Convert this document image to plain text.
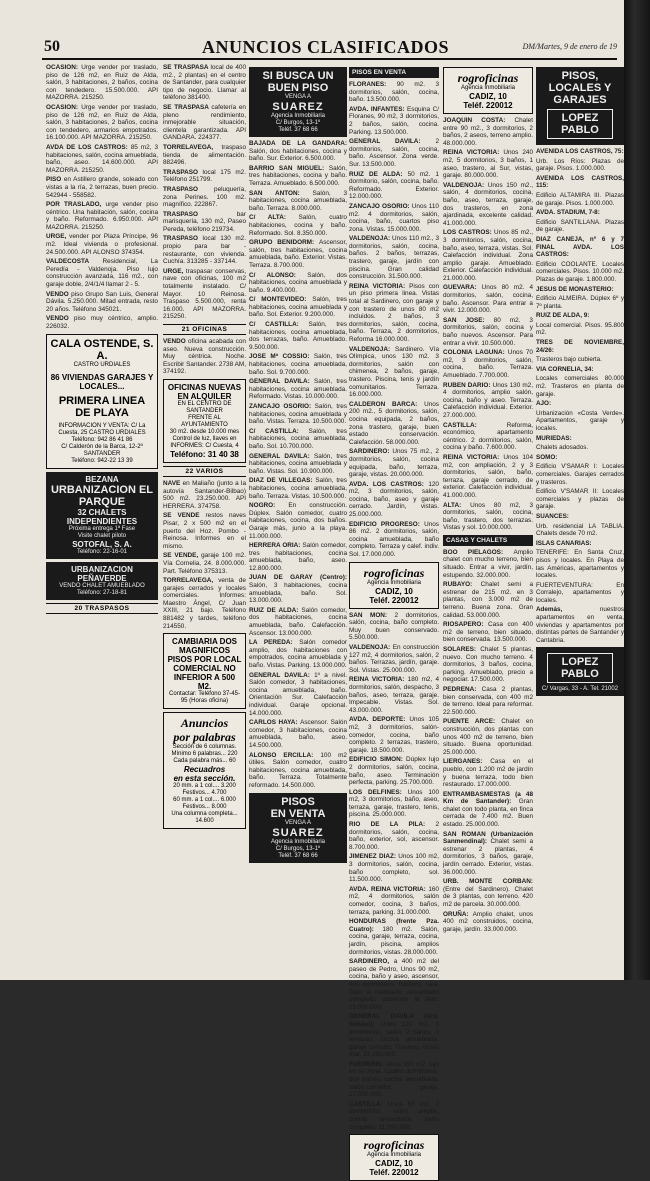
50	ANUNCIOS CLASIFICADOS	DM/Martes, 9 de enero de 19

OCASION: Urge vender por traslado, piso de 126 m2, en Ruiz de Alda, salón, 3 habitaciones, 2 baños, cocina con tendedero. 15.500.000. API MAZORRA. 215250.

OCASION: Urge vender por traslado, piso de 126 m2, en Ruiz de Alda, salón, 3 habitaciones, 2 baños, cocina con tendedero, armarios empotrados. 16.100.000. API MAZORRA. 215250.

AVDA DE LOS CASTROS: 85 m2, 3 habitaciones, salón, cocina amueblada, baño, aseo. 14.600.000. API MAZORRA. 215250.

PISO en Astillero grande, soleado con vistas a la ría, 2 terrazas, buen precio. 542944 - 558582.

POR TRASLADO, urge vender piso céntrico. Una habitación, salón, cocina y baño. Reformado. 6.950.000. API MAZORRA. 215250.

URGE, vender por Plaza Príncipe, 96 m2. Ideal vivienda o profesional. 24.500.000. API ALONSO 374354.

VALDECOSTA Residencial, La Peredía - Valdenoja. Piso lujo construcción avanzada, 116 m2., con garaje doble, 2/4/1/4 llamar 2 - 5.

VENDO piso Grupo San Luis, General Dávila. 5.250.000. Mitad entrada, resto 20 años. Teléfono 345021.

VENDO piso muy céntrico, amplio. 226032.

CALA OSTENDE, S. A.
CASTRO URDIALES
86 VIVIENDAS GARAJES Y LOCALES...
PRIMERA LINEA DE PLAYA
INFORMACION Y VENTA: C/ La Cuesta, 25 CASTRO URDIALES
Teléfono: 942 86 41 86
C/ Calderón de la Barca, 12-2º SANTANDER
Teléfono: 942-22 13 39
BEZANA
URBANIZACION EL PARQUE
32 CHALETS INDEPENDIENTES
Próxima entrega 1ª Fase
Visite chalet piloto
SOTOFAL, S. A.
Teléfono: 22-16-01
URBANIZACION PEÑAVERDE
VENDO CHALET AMUEBLADO
Teléfono: 27-18-81
20 TRASPASOS

SE TRASPASA local de 400 m2., 2 plantas) en el centro de Santander, para cualquier tipo de negocio. Llamar al teléfono 381400.

SE TRASPASA cafetería en pleno rendimiento, inmejorable situación, clientela garantizada. API GANDARA. 224377.

TORRELAVEGA, traspaso tienda de alimentación. 882496.

TRASPASO local 175 m2. Teléfono 251799.

TRASPASO peluquería, zona Perines. 100 m2. magnífico. 222867.

TRASPASO bar marisquería, 130 m2, Paseo Pereda, teléfono 219734.

TRASPASO local 130 m2. propio para bar - restaurante, con vivienda. Cuchía. 313285 - 337144.

URGE, traspasar conservas, nave con oficinas, 100 m2 totalmente instalado. C/ Mayor. 10 Reinosa. Traspaso 5.500.000, renta 16.000. API MAZORRA. 215250.

21 OFICINAS

VENDO oficina acabada con aseo. Nueva construcción. Muy céntrica. Noche. Escribir Santander. 2738 AM, 374192.

OFICINAS NUEVAS EN ALQUILER
EN EL CENTRO DE SANTANDER
FRENTE AL AYUNTAMIENTO
30 m2. desde 10.000 mes
Control de luz, llaves en
INFORMES: C/ Cuesta, 4
Teléfono: 31 40 38
22 VARIOS

NAVE en Maliaño (junto a la autovía Santander-Bilbao) 500 m2. 23.250.000. API HERRERA. 374758.

SE VENDE restos naves Pisar, 2 x 500 m2 en el puerto del Hoz. Pombo - Reinosa. Informes en el mismo.

SE VENDE, garaje 100 m2. Vía Cornelia, 24. 8.000.000. Part. Teléfono 375313.

TORRELAVEGA, venta de garajes cerrados y locales comerciales. Informes: Maestro Ángel, C/ Juan XXIII, 21 bajo. Teléfono 881482 y tardes, teléfono 214550.

CAMBIARIA DOS MAGNIFICOS PISOS POR LOCAL COMERCIAL NO INFERIOR A 500 M2.
Contactar: Teléfono 37-45-95 (Horas oficina)
Anuncios
por palabras
Sección de 6 columnas.
Mínimo 6 palabras... 220
Cada palabra más... 60
Recuadros
en esta sección.
20 mm. a 1 col.... 3.200
Festivos... 4.700
60 mm. a 1 col.... 6.000
Festivos... 8.000
Una columna completa... 14.600
SI BUSCA UN
BUEN PISO
VENGA A
SUAREZ
Agencia Inmobiliaria
C/ Burgos, 13-1º
Teléf. 37 68 66

BAJADA DE LA GANDARA: Salón, dos habitaciones, cocina y baño. Sur. Exterior. 6.500.000.

BARRIO SAN MIGUEL: Salón, tres habitaciones, cocina y baño. Terraza. Amueblado. 6.500.000.

SAN ANTON: Salón, 3 habitaciones, cocina amueblada, baño. Terraza. 8.000.000.

C/ ALTA: Salón, cuatro habitaciones, cocina y baño. Reformado. Sol. 8.350.000.

GRUPO BENIDORM: Ascensor, salón, tres habitaciones, cocina amueblada, baño. Exterior. Vistas. Terraza. 8.700.000.

C/ ALONSO: Salón, dos habitaciones, cocina amueblada y baño. 9.400.000.

C/ MONTEVIDEO: Salón, tres habitaciones, cocina amueblada y baño. Sol. Exterior. 9.200.000.

C/ CASTILLA: Salón, tres habitaciones, cocina amueblada, dos terrazas, baño. Amueblado. 9.500.000.

JOSE Mª COSSIO: Salón, tres habitaciones, cocina amueblada, baño. Sol. 9.700.000.

GENERAL DAVILA: Salón, tres habitaciones, cocina amueblada. Reformado. Vistas. 10.000.000.

ZANCAJO OSORIO: Salón, tres habitaciones, cocina amueblada y baño. Vistas. Terraza. 10.500.000.

C/ CASTILLA: Salón, tres habitaciones, cocina amueblada, baño. Sol. 10.700.000.

GENERAL DAVILA: Salón, tres habitaciones, cocina amueblada y baño. Vistas. Sol. 10.900.000.

DIAZ DE VILLEGAS: Salón, tres habitaciones, cocina amueblada, baño. Terraza. Vistas. 10.500.000.

NOGRO: En construcción. Dúplex. Salón comedor, cuatro habitaciones, cocina, dos baños. Garaje más, junio a la playa. 11.000.000.

HERRERA ORIA: Salón comedor, tres habitaciones, cocina amueblada, baño, aseo. 12.800.000.

JUAN DE GARAY (Centro): Salón, 3 habitaciones, cocina amueblada, baño. Sol. 13.000.000.

RUIZ DE ALDA: Salón comedor, dos habitaciones, cocina amueblada, baño. Calefacción. Ascensor. 13.000.000.

LA PEREDA: Salón comedor amplio, dos habitaciones con empotrados, cocina amueblada y baño. Vistas. Parking. 13.000.000.

GENERAL DAVILA: 1º a nivel. Salón comedor, 3 habitaciones, cocina amueblada, baño. Orientación Sur. Calefacción individual. Garaje opcional. 14.000.000.

CARLOS HAYA: Ascensor. Salón comedor, 3 habitaciones, cocina amueblada, baño, aseo. 14.500.000.

ALONSO ERCILLA: 100 m2 útiles. Salón comedor, cuatro habitaciones, cocina amueblada, baño. Terraza. Totalmente reformado. 14.500.000.

PISOS
EN VENTA
VENGA A
SUAREZ
Agencia Inmobiliaria
C/ Burgos, 13-1º
Teléf. 37 68 66
PISOS EN VENTA

FLORANES: 90 m2. 3 dormitorios, salón, cocina, baño. 13.500.000.

AVDA. INFANTES: Esquina C/ Floranes, 90 m2, 3 dormitorios, 2 baños, salón, cocina. Parking. 13.500.000.

GENERAL DAVILA: 2 dormitorios, salón, cocina, baño. Ascensor. Zona verde. Sur. 13.500.000.

RUIZ DE ALDA: 50 m2. 1 dormitorio, salón, cocina, baño. Reformado. Exterior. 12.000.000.

ZANCAJO OSORIO: Unos 110 m2. 4 dormitorios, salón, cocina, baño, cuartos piso zona. Vistas. 15.000.000.

VALDENOJA: Unos 110 m2., 3 dormitorios, salón, cocina, baños. 2 baños, terrazas, trastero, garaje, jardín con piscina. Gran calidad construcción. 31.500.000.

REINA VICTORIA: Pisos con un piso primera linea. Vistas total al Sardinero, con garaje y con trastero de unos 80 m2 incluidos. 2 baños, 3 dormitorios, salón, cocina, baño. Terraza, 2 dormitorios, Reforma 16.000.000.

VALDENOJA: Sardinero. Vía Olímpica, unos 130 m2. 3 dormitorios, salón con chimenea, 2 baños, garaje, trastero. Piscina, tenis y jardín comunitarios. Terraza. 16.000.000.

CALDERON BARCA: Unos 200 m2., 5 dormitorios, salón, cocina equipada, 2 baños, zona trastero, garaje, buen estado conservación. Calefacción. 58.000.000.

SARDINERO: Unos 75 m2., 2 dormitorios, salón, cocina equipada, baño, terraza, garaje, vistas. 20.000.000.

AVDA. LOS CASTROS: 120 m2, 3 dormitorios, salón, cocina, baño, aseo y garaje cerrado. Jardín, vistas. 25.000.000.

EDIFICIO PROGRESO: Unos 86 m2. 2 dormitorios, salón, cocina amueblada, baño completo. Terraza y calef. indiv. Sol. 17.000.000.

rogroficinas
Agencia Inmobiliaria
CADIZ, 10
Teléf. 220012

SAN MON: 2 dormitorios, salón, cocina, baño completo. Muy buen conservado. 5.500.000.

VALDENOJA: En construcción 127 m2, 4 dormitorios, salón, 2 baños. Terrazas, jardín, garaje. Sol. Vistas. 25.000.000.

REINA VICTORIA: 180 m2, 4 dormitorios, salón, despacho, 3 baños, aseo, terraza, garaje. Impecable. Vistas. Sol. 43.000.000.

AVDA. DEPORTE: Unos 105 m2, 3 dormitorios, salón-comedor, cocina, baño completo. 2 terrazas, trastero, garaje. 18.500.000.

EDIFICIO SIMON: Dúplex lujo 2 dormitorios, salón, cocina, baño, aseo. Terminación perfecta, parking. 25.700.000.

LOS DELFINES: Unos 100 m2, 3 dormitorios, baño, aseo, terraza, garaje, trastero, tenis, piscina. 25.000.000.

RIO DE LA PILA: 2 dormitorios, salón, cocina, baño, exterior, sol, ascensor. 8.700.000.

JIMENEZ DIAZ: Unos 100 m2, 3 dormitorios, salón, cocina, baño completo, sol. 11.500.000.

AVDA. REINA VICTORIA: 160 m2, 4 dormitorios, salón comedor, cocina, 3 baños, terraza, parking. 31.000.000.

HONDURAS (frente Pza. Cuatro): 180 m2. Salón, cocina, garaje, terraza, cocina, jardín, piscina, amplios dormitorios, vistas. 28.000.000.

SARDINERO, a 400 m2 del paseo de Pedro, Unos 90 m2, cocina, baño y aseo, ascensor, dos dormitorios, trastero, sala. Todo el mobiliario. Amueblado completo, ascensor al lado. 15.000.000.

GENERAL DAVILA (Urb. Soluso): Unos 120 m2, 3 dormitorios, salón, 2 baños, 3 terrazas, cocina amueblada, garaje cerrado. Trastero, vistas mar. 23.000.000.

FUERBRIS: Unos 190 m2, lujo en su zona. Cuatro dormitorios, dos baños, cocina amueblada, salón-comedor, garaje. 17.000.000.

CASTILLA: Unos 65 m2, 2 dormitorios, salón amplio, cocina amueblada, baño completo. 11.000.000.

rogroficinas
Agencia Inmobiliaria
CADIZ, 10
Teléf. 220012
rogroficinas
Agencia Inmobiliaria
CADIZ, 10
Teléf. 220012

JOAQUIN COSTA: Chalet entre 90 m2., 3 dormitorios, 2 baños, 2 aseos, terreno amplio. 48.000.000.

REINA VICTORIA: Unos 240 m2, 5 dormitorios, 3 baños, 1 aseo, trastero, al Sur, vistas, garaje. 80.000.000.

VALDENOJA: Unos 150 m2., salón, 4 dormitorios, cocina, baño, aseo, terraza, garaje, dos trasteros, en zona ajardinada, excelente calidad. 41.000.000.

LOS CASTROS: Unos 85 m2., 3 dormitorios, salón, cocina, baño, aseo, terraza, vistas. Sol. Calefacción individual. Zona amplio garaje. Amueblado. Exterior. Calefacción individual. 21.000.000.

GUEVARA: Unos 80 m2. 4 dormitorios, salón, cocina, baño. Ascensor. Para entrar a vivir. 12.000.000.

SAN JOSE: 80 m2. 3 dormitorios, salón, cocina y baño nuevos. Ascensor. Para entrar a vivir. 10.500.000.

COLONIA LAGUNA: Unos 70 m2, 3 dormitorios, salón, cocina, baño. Terraza. Amueblado. 7.700.000.

RUBEN DARIO: Unos 130 m2, 4 dormitorios, amplio salón, cocina, baño y aseo. Terraza. Calefacción individual. Exterior. 27.000.000.

CASTILLA: Reforma, económico, apartamento céntrico. 2 dormitorios, salón, cocina y baño. 7.600.000.

REINA VICTORIA: Unos 104 m2, con ampliación, 2 y 3 dormitorios, salón, baño, terraza, garaje cerrado, de exterior. Calefacción individual. 41.000.000.

ALTA: Unos 80 m2, 3 dormitorios, salón, cocina, baño, trastero, dos terrazas. Vistas y sol. 10.000.000.

CASAS Y CHALETS

BOO PIELAGOS: Amplio chalet con mucho terreno, bien situado. Entrar a vivir, jardín, estupendo. 32.000.000.

RUBAYO: Chalet semi a estrenar de 215 m2. en 3 plantas, con 3.000 m2 de terreno. Buena zona. Gran calidad. 53.000.000.

RIOSAPERO: Casa con 400 m2 de terreno, bien situado, bien conservada. 13.500.000.

SOLARES: Chalet 5 plantas, nuevo. Con mucho terreno. 4 dormitorios, 3 baños, cocina, parking. Amueblado, precio a negociar. 17.500.000.

PEDRENA: Casa 2 plantas, bien conservada, con 400 m2 de terreno. Ideal para reformar. 22.500.000.

PUENTE ARCE: Chalet en construcción, dos plantas con unos 400 m2 de terreno, bien situado. Buena oportunidad. 25.000.000.

LIERGANES: Casa en el pueblo, con 1.200 m2 de jardín y buena terraza, todo bien restaurado. 17.000.000.

ENTRAMBASMESTAS (a 48 Km de Santander): Gran chalet con todo planta, en finca cerrada de 7.400 m2. Buen estado. 25.000.000.

SAN ROMAN (Urbanización Sanmendinal): Chalet semi a estrenar 2 plantas, 4 dormitorios, 3 baños, garaje, jardín cerrado. Exterior, vistas. 36.000.000.

URB. MONTE CORBAN: (Entre del Sardinero). Chalet de 3 plantas, con terreno. 420 m2 de parcela. 30.000.000.

ORUÑA: Amplio chalet, unos 400 m2 construidos, cocina, garaje, jardín. 33.000.000.

PISOS, LOCALES Y GARAJES
LOPEZ PABLO

AVENIDA LOS CASTROS, 75:

Urb. Los Ríos: Plazas de garaje. Pisos. 1.000.000.

AVENIDA LOS CASTROS, 115:

Edificio ALTAMIRA III. Plazas de garaje. Pisos. 1.000.000.

AVDA. STADIUM, 7-8:

Edificio SANTILLANA. Plazas de garaje.

DIAZ CANEJA, nº 6 y 7 FINAL AVDA. LOS CASTROS:

Edificio COOLANTE. Locales comerciales. Pisos. 10.000 m2. Plazas de garaje. 1.800.000.

JESUS DE MONASTERIO:

Edificio ALMEIRA. Dúplex 6º y 7º planta.

RUIZ DE ALDA, 9:

Local comercial. Pisos. 95.800 m2.

TRES DE NOVIEMBRE, 24/26:

Trasteros bajo cubierta.

VIA CORNELIA, 34:

Locales comerciales 80.000 m2. Trasteros en planta de garaje.

AJO:

Urbanización «Costa Verde». Apartamentos, garaje y locales.

MURIEDAS:

Chalets adosados.

SOMO:

Edificio V'SAMAR I: Locales comerciales. Garajes cerrados y trasteros.

Edificio V'SAMAR II: Locales comerciales y plazas de garaje.

SUANCES:

Urb. residencial LA TABLIA. Chalets desde 70 m2.

ISLAS CANARIAS:

TENERIFE: En Santa Cruz, pisos y locales. En Playa de las Américas, apartamentos y locales.

FUERTEVENTURA: En Corralejo, apartamentos y locales.

Además, nuestros apartamentos en venta, viviendas y apartamentos por distintas partes de Santander y Cantabria.

LOPEZ PABLO
C/ Vargas, 33 - A. Tel. 21002
